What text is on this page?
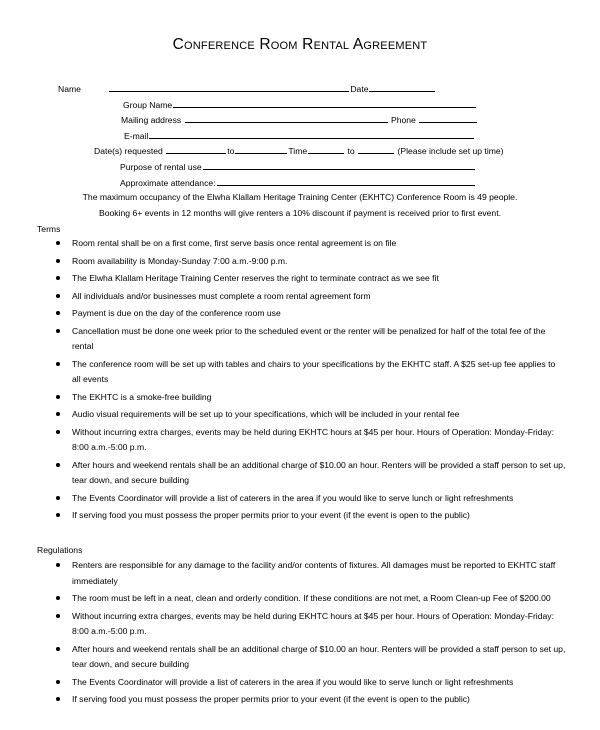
Conference Room Rental Agreement
Name	Date
Group Name
Mailing address	Phone
E-mail
Date(s) requested	to	Time	to	(Please include set up time)
Purpose of rental use
Approximate attendance:
The maximum occupancy of the Elwha Klallam Heritage Training Center (EKHTC) Conference Room is 49 people.
Booking 6+ events in 12 months will give renters a 10% discount if payment is received prior to first event.
Terms
Room rental shall be on a first come, first serve basis once rental agreement is on file
Room availability is Monday-Sunday 7:00 a.m.-9:00 p.m.
The Elwha Klallam Heritage Training Center reserves the right to terminate contract as we see fit
All individuals and/or businesses must complete a room rental agreement form
Payment is due on the day of the conference room use
Cancellation must be done one week prior to the scheduled event or the renter will be penalized for half of the total fee of the rental
The conference room will be set up with tables and chairs to your specifications by the EKHTC staff. A $25 set-up fee applies to all events
The EKHTC is a smoke-free building
Audio visual requirements will be set up to your specifications, which will be included in your rental fee
Without incurring extra charges, events may be held during EKHTC hours at $45 per hour. Hours of Operation: Monday-Friday: 8:00 a.m.-5:00 p.m.
After hours and weekend rentals shall be an additional charge of $10.00 an hour. Renters will be provided a staff person to set up, tear down, and secure building
The Events Coordinator will provide a list of caterers in the area if you would like to serve lunch or light refreshments
If serving food you must possess the proper permits prior to your event (if the event is open to the public)
Regulations
Renters are responsible for any damage to the facility and/or contents of fixtures. All damages must be reported to EKHTC staff immediately
The room must be left in a neat, clean and orderly condition. If these conditions are not met, a Room Clean-up Fee of $200.00
Without incurring extra charges, events may be held during EKHTC hours at $45 per hour. Hours of Operation: Monday-Friday: 8:00 a.m.-5:00 p.m.
After hours and weekend rentals shall be an additional charge of $10.00 an hour. Renters will be provided a staff person to set up, tear down, and secure building
The Events Coordinator will provide a list of caterers in the area if you would like to serve lunch or light refreshments
If serving food you must possess the proper permits prior to your event (if the event is open to the public)
